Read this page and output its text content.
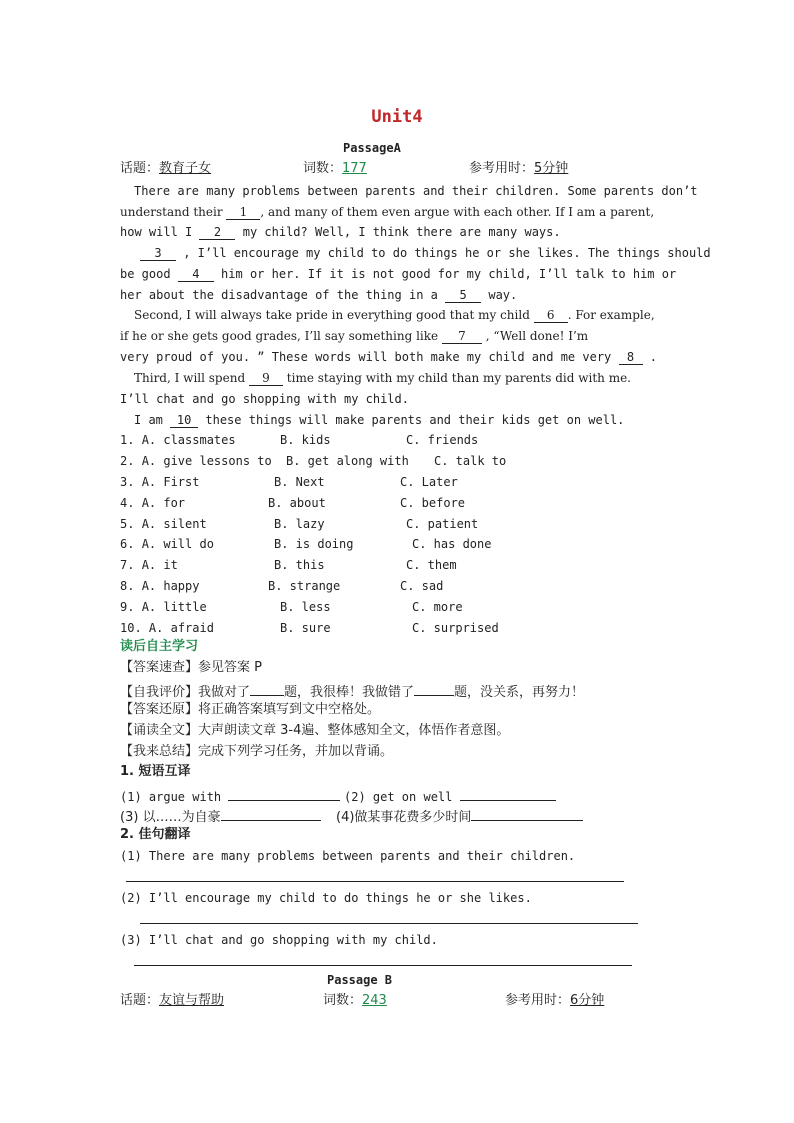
Unit4
PassageA
话题：教育子女	词数：177	参考用时：5分钟
There are many problems between parents and their children. Some parents don’t
understand their 1 , and many of them even argue with each other. If I am a parent,
how will I 2 my child? Well, I think there are many ways.
3 , I’ll encourage my child to do things he or she likes. The things should
be good 4 him or her. If it is not good for my child, I’ll talk to him or
her about the disadvantage of the thing in a 5 way.
Second, I will always take pride in everything good that my child 6 . For example,
if he or she gets good grades, I’ll say something like 7 , “Well done! I’m
very proud of you. ” These words will both make my child and me very 8 .
Third, I will spend 9 time staying with my child than my parents did with me.
I’ll chat and go shopping with my child.
I am 10 these things will make parents and their kids get on well.
1. A. classmates	B. kids	C. friends
2. A. give lessons to B. get along with C. talk to
3. A. First	B. Next	C. Later
4. A. for	B. about	C. before
5. A. silent	B. lazy	C. patient
6. A. will do	B. is doing	C. has done
7. A. it	B. this	C. them
8. A. happy	B. strange	C. sad
9. A. little	B. less	C. more
10. A. afraid	B. sure	C. surprised
读后自主学习
【答案速查】参见答案 P
【自我评价】我做对了	题，我很棒！我做错了	题，没关系，再努力！
【答案还原】将正确答案填写到文中空格处。
【诵读全文】大声朗读文章 3-4遍、整体感知全文，体悟作者意图。
【我来总结】完成下列学习任务，并加以背诵。
1. 短语互译
(1) argue with	(2) get on well
(3) 以……为自豪	(4)做某事花费多少时间
2. 佳句翻译
(1) There are many problems between parents and their children.
(2) I’ll encourage my child to do things he or she likes.
(3) I’ll chat and go shopping with my child.
Passage B
话题：友谊与帮助	词数：243	参考用时：6分钟
